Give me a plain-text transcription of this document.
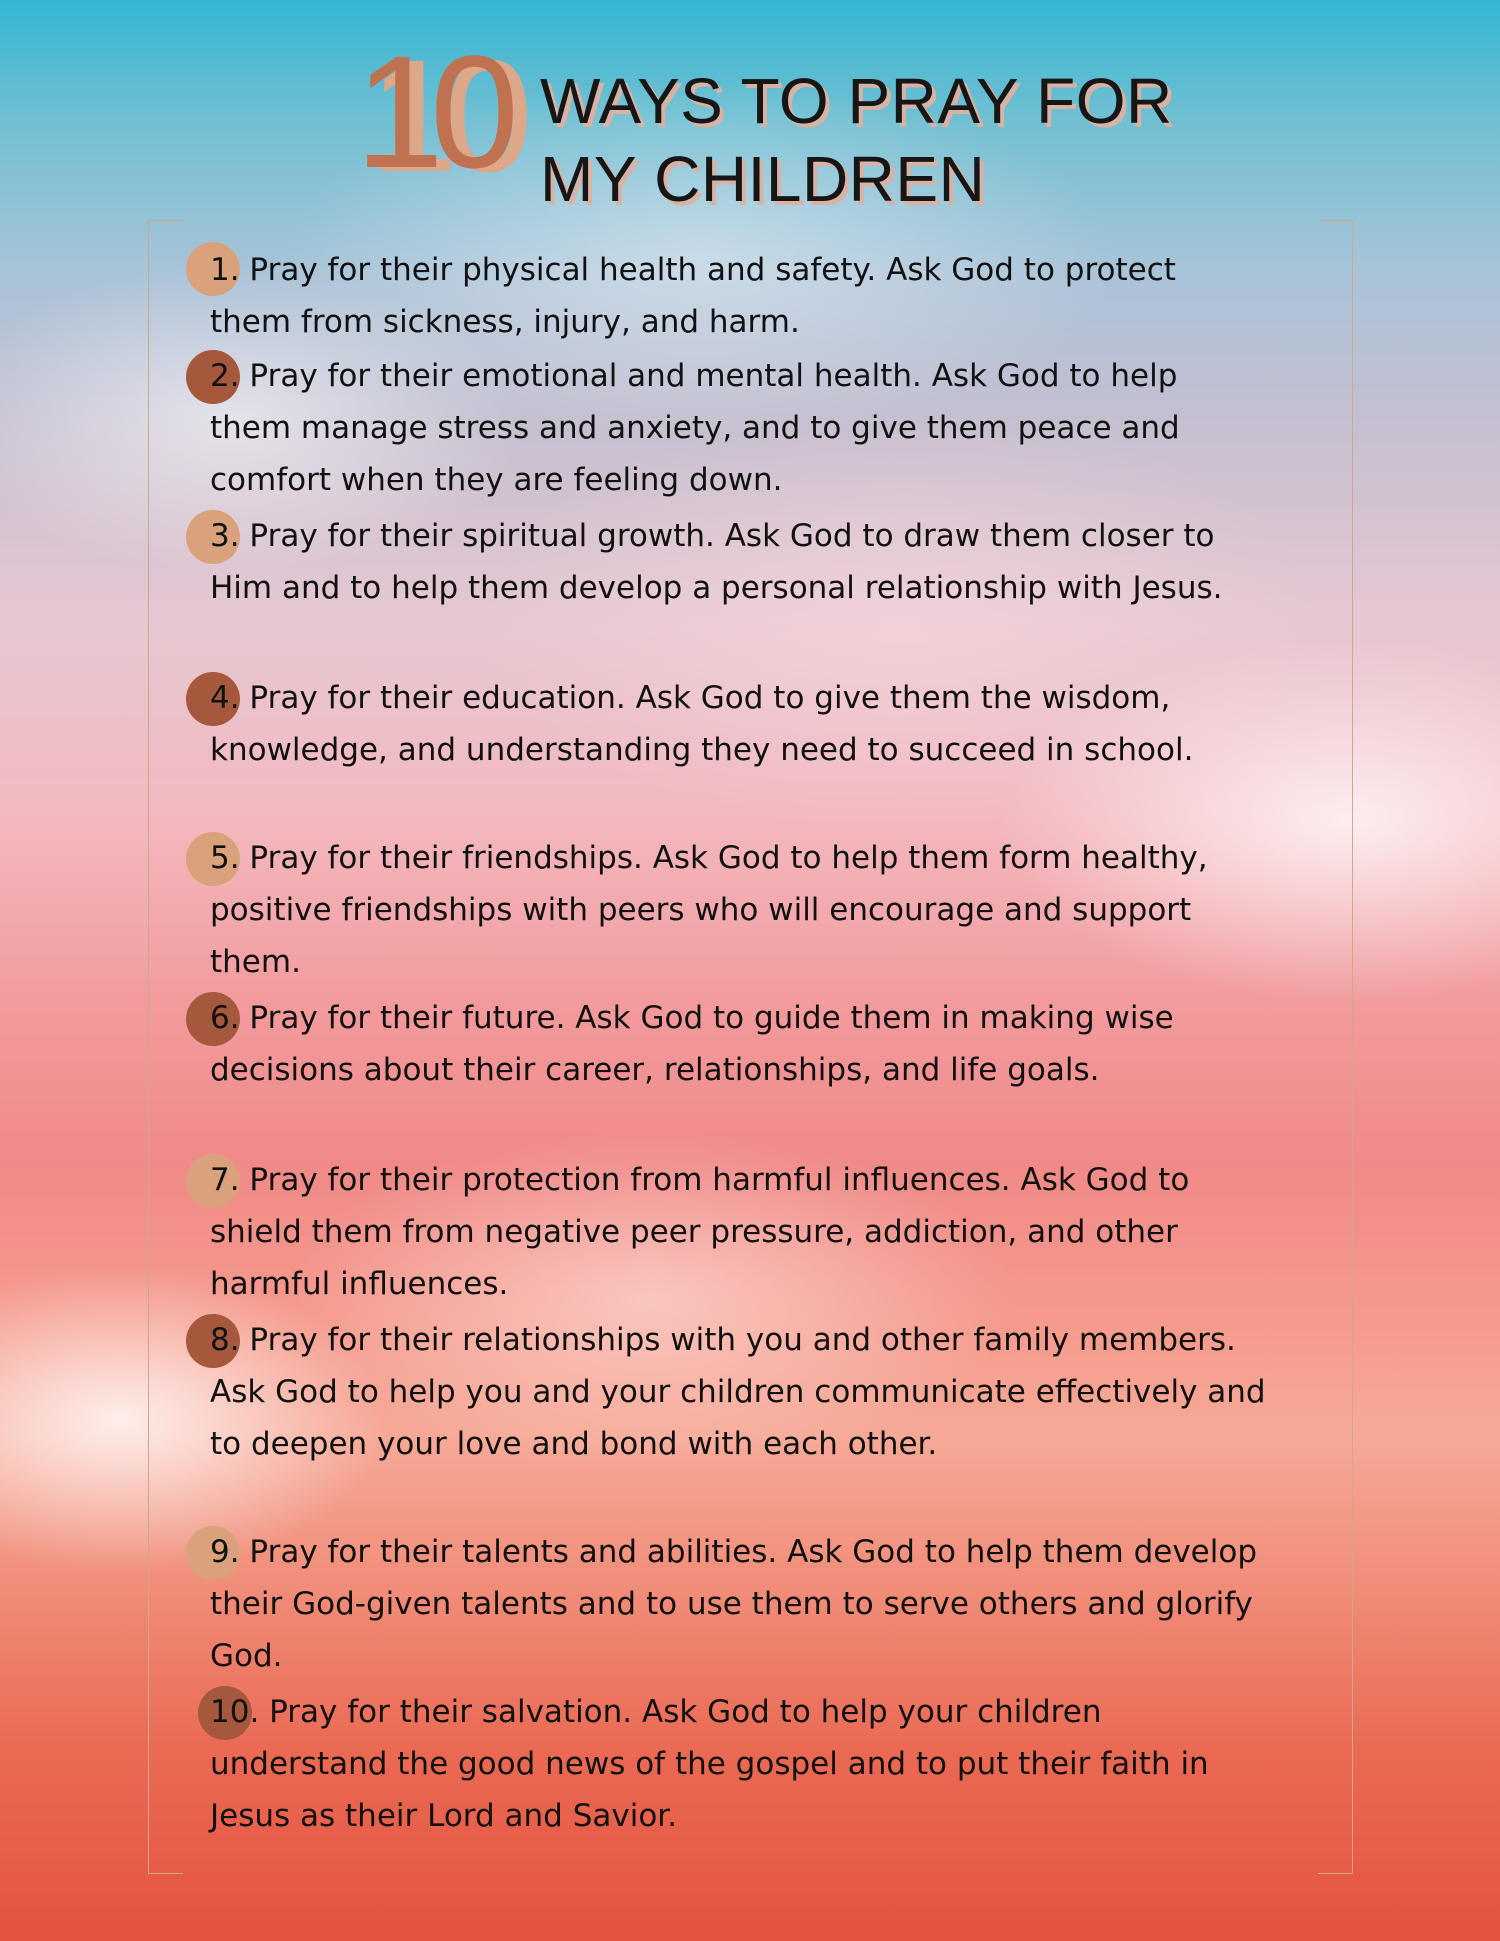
10 WAYS TO PRAY FOR
MY CHILDREN

1. Pray for their physical health and safety. Ask God to protect them from sickness, injury, and harm.

2. Pray for their emotional and mental health. Ask God to help them manage stress and anxiety, and to give them peace and comfort when they are feeling down.

3. Pray for their spiritual growth. Ask God to draw them closer to Him and to help them develop a personal relationship with Jesus.

4. Pray for their education. Ask God to give them the wisdom, knowledge, and understanding they need to succeed in school.

5. Pray for their friendships. Ask God to help them form healthy, positive friendships with peers who will encourage and support them.

6. Pray for their future. Ask God to guide them in making wise decisions about their career, relationships, and life goals.

7. Pray for their protection from harmful influences. Ask God to shield them from negative peer pressure, addiction, and other harmful influences.

8. Pray for their relationships with you and other family members. Ask God to help you and your children communicate effectively and to deepen your love and bond with each other.

9. Pray for their talents and abilities. Ask God to help them develop their God-given talents and to use them to serve others and glorify God.

10. Pray for their salvation. Ask God to help your children understand the good news of the gospel and to put their faith in Jesus as their Lord and Savior.
